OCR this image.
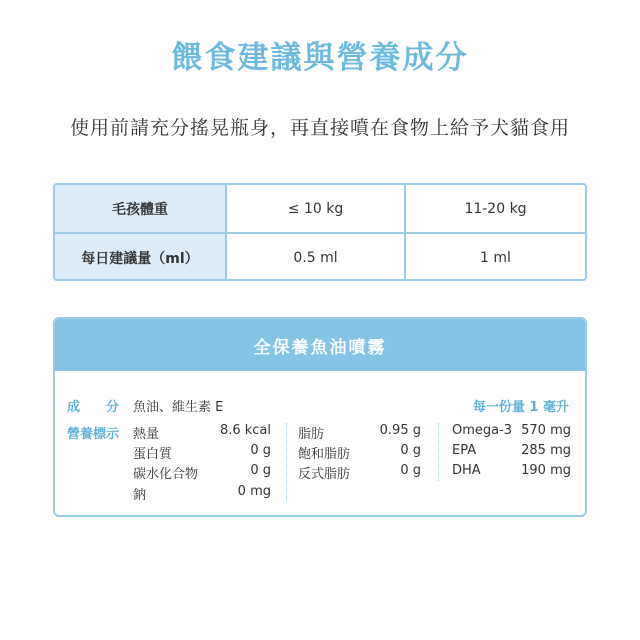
餵食建議與營養成分
使用前請充分搖晃瓶身，再直接噴在食物上給予犬貓食用
毛孩體重	≤ 10 kg	11-20 kg
每日建議量（ml）	0.5 ml	1 ml
全保養魚油噴霧
成　　分 魚油、維生素 E	每一份量 1 毫升
營養標示 熱量	8.6 kcal
蛋白質	0 g
碳水化合物	0 g
鈉	0 mg
脂肪	0.95 g
飽和脂肪	0 g
反式脂肪	0 g
Omega-3 570 mg
EPA	285 mg
DHA	190 mg
